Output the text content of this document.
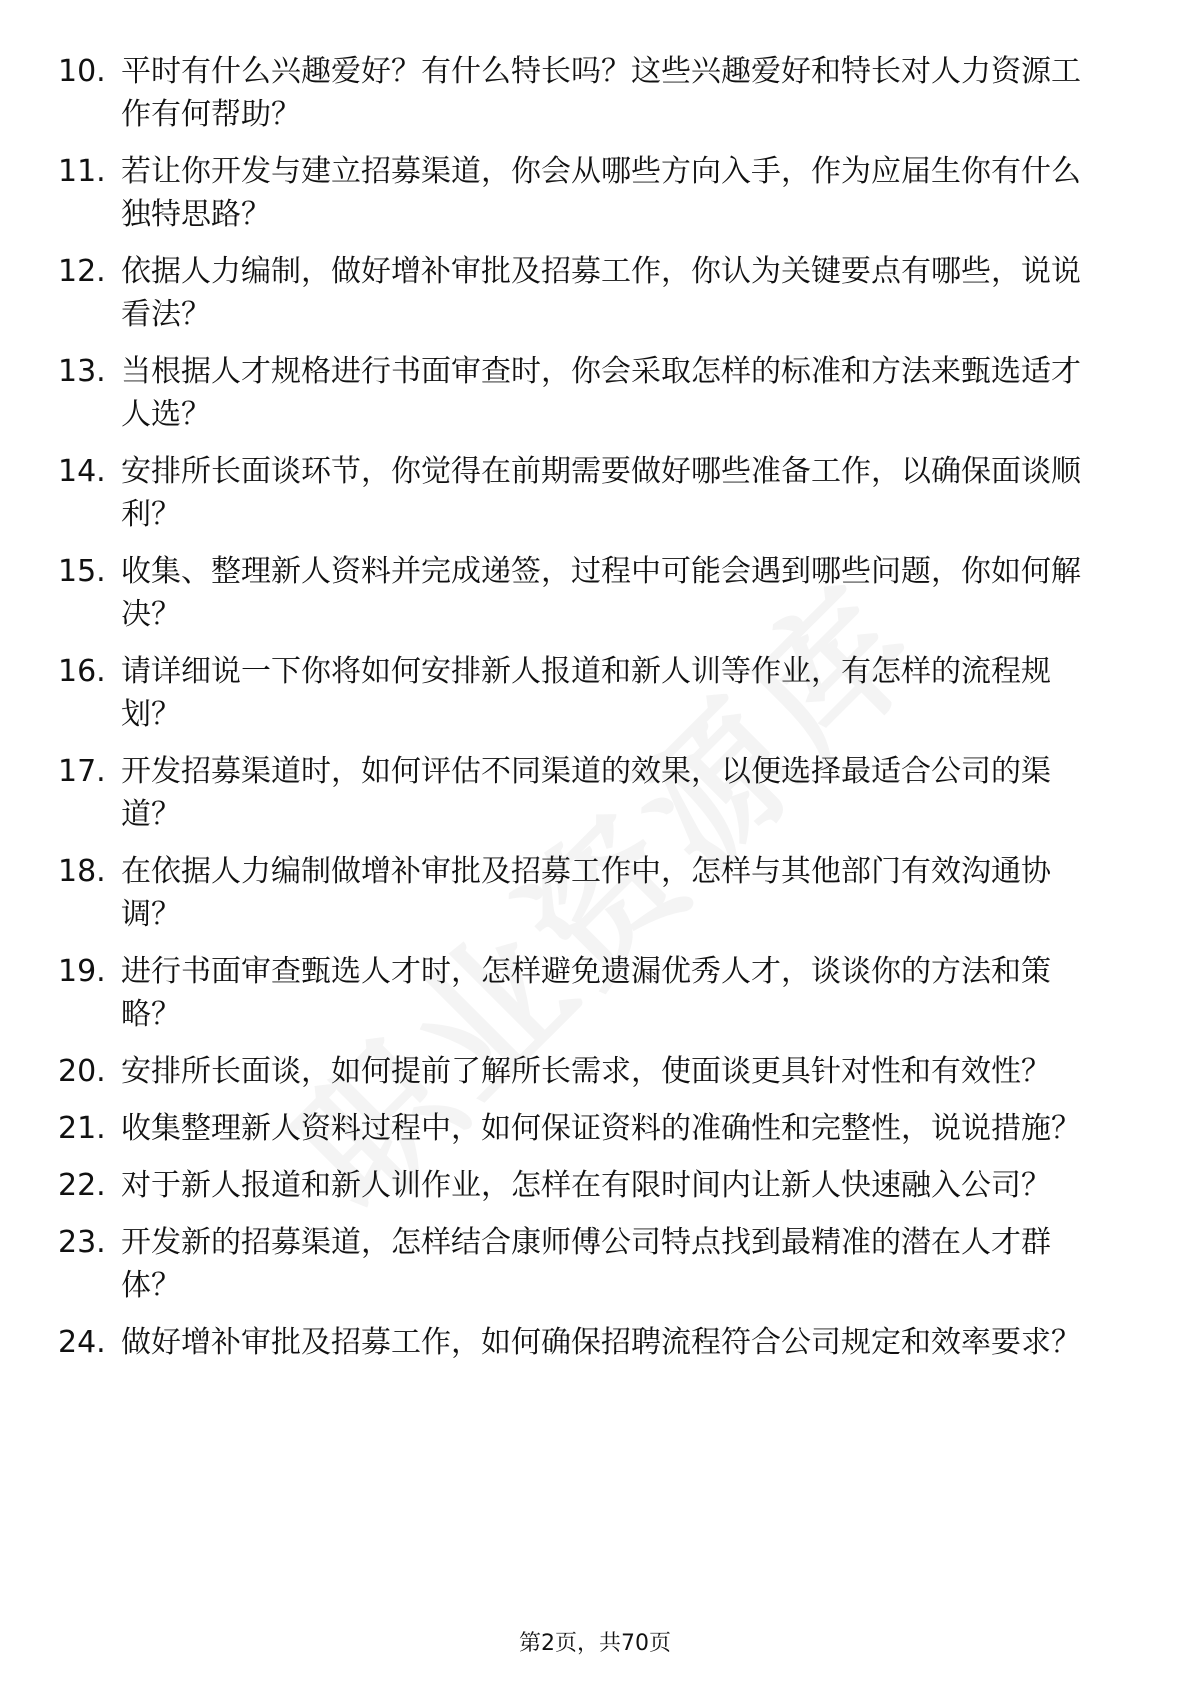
10. 平时有什么兴趣爱好？有什么特长吗？这些兴趣爱好和特长对人力资源工作有何帮助？
11. 若让你开发与建立招募渠道，你会从哪些方向入手，作为应届生你有什么独特思路？
12. 依据人力编制，做好增补审批及招募工作，你认为关键要点有哪些，说说看法？
13. 当根据人才规格进行书面审查时，你会采取怎样的标准和方法来甄选适才人选？
14. 安排所长面谈环节，你觉得在前期需要做好哪些准备工作，以确保面谈顺利？
15. 收集、整理新人资料并完成递签，过程中可能会遇到哪些问题，你如何解决？
16. 请详细说一下你将如何安排新人报道和新人训等作业，有怎样的流程规划？
17. 开发招募渠道时，如何评估不同渠道的效果，以便选择最适合公司的渠道？
18. 在依据人力编制做增补审批及招募工作中，怎样与其他部门有效沟通协调？
19. 进行书面审查甄选人才时，怎样避免遗漏优秀人才，谈谈你的方法和策略？
20. 安排所长面谈，如何提前了解所长需求，使面谈更具针对性和有效性？
21. 收集整理新人资料过程中，如何保证资料的准确性和完整性，说说措施？
22. 对于新人报道和新人训作业，怎样在有限时间内让新人快速融入公司？
23. 开发新的招募渠道，怎样结合康师傅公司特点找到最精准的潜在人才群体？
24. 做好增补审批及招募工作，如何确保招聘流程符合公司规定和效率要求？
第2页，共70页
